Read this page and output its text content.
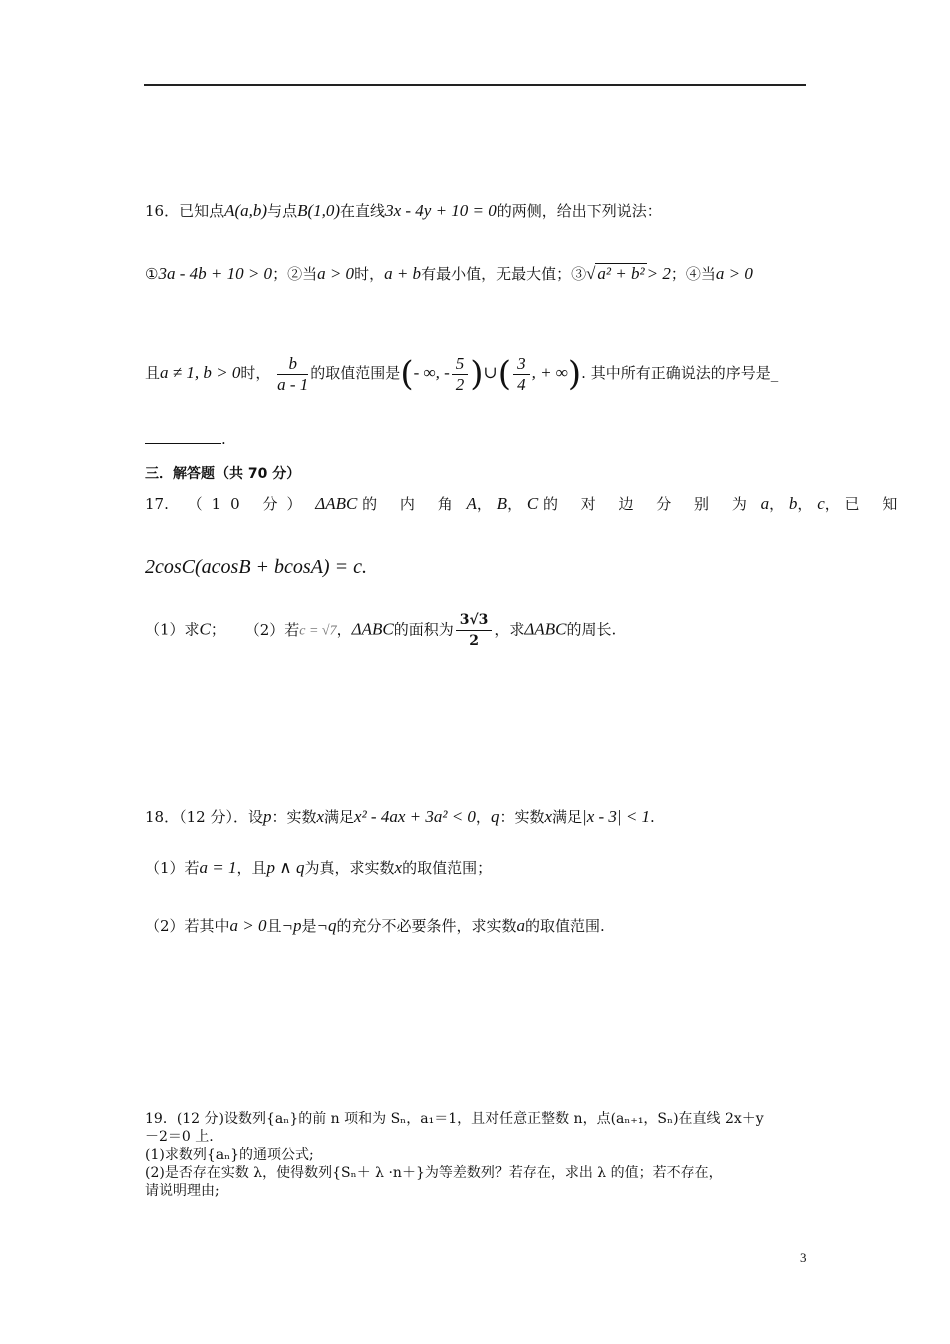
16．已知点A(a,b)与点B(1,0)在直线3x - 4y + 10 = 0的两侧，给出下列说法：
①3a - 4b + 10 > 0；②当a > 0时，a + b有最小值，无最大值；③√ a² + b² > 2；④当a > 0
且a ≠ 1, b > 0时， $\frac{b}{a - 1}$ 的取值范围是(- ∞, - $\frac{5}{2}$ )∪( $\frac{3}{4}$ , + ∞). 其中所有正确说法的序号是_
.
三．解答题（共 70 分）
17. （10 分） ΔABC 的 内 角 A， B， C 的 对 边 分 别 为 a， b， c， 已 知
2cosC(acosB + bcosA) = c.
（1）求C； （2）若c = √7，ΔABC的面积为 $\frac{3√3}{2}$ ，求ΔABC的周长.
18．（12 分）．设p：实数x满足x² - 4ax + 3a² < 0，q：实数x满足|x - 3| < 1.
（1）若a = 1，且p ∧ q为真，求实数x的取值范围；
（2）若其中a > 0且¬p是¬q的充分不必要条件，求实数a的取值范围.
19．(12 分)设数列{aₙ}的前 n 项和为 Sₙ，a₁＝1，且对任意正整数 n，点(aₙ₊₁，Sₙ)在直线 2x＋y
－2＝0 上.
(1)求数列{aₙ}的通项公式;
(2)是否存在实数 λ，使得数列{Sₙ＋ λ ·n＋}为等差数列？若存在，求出 λ 的值；若不存在，
请说明理由;
3
